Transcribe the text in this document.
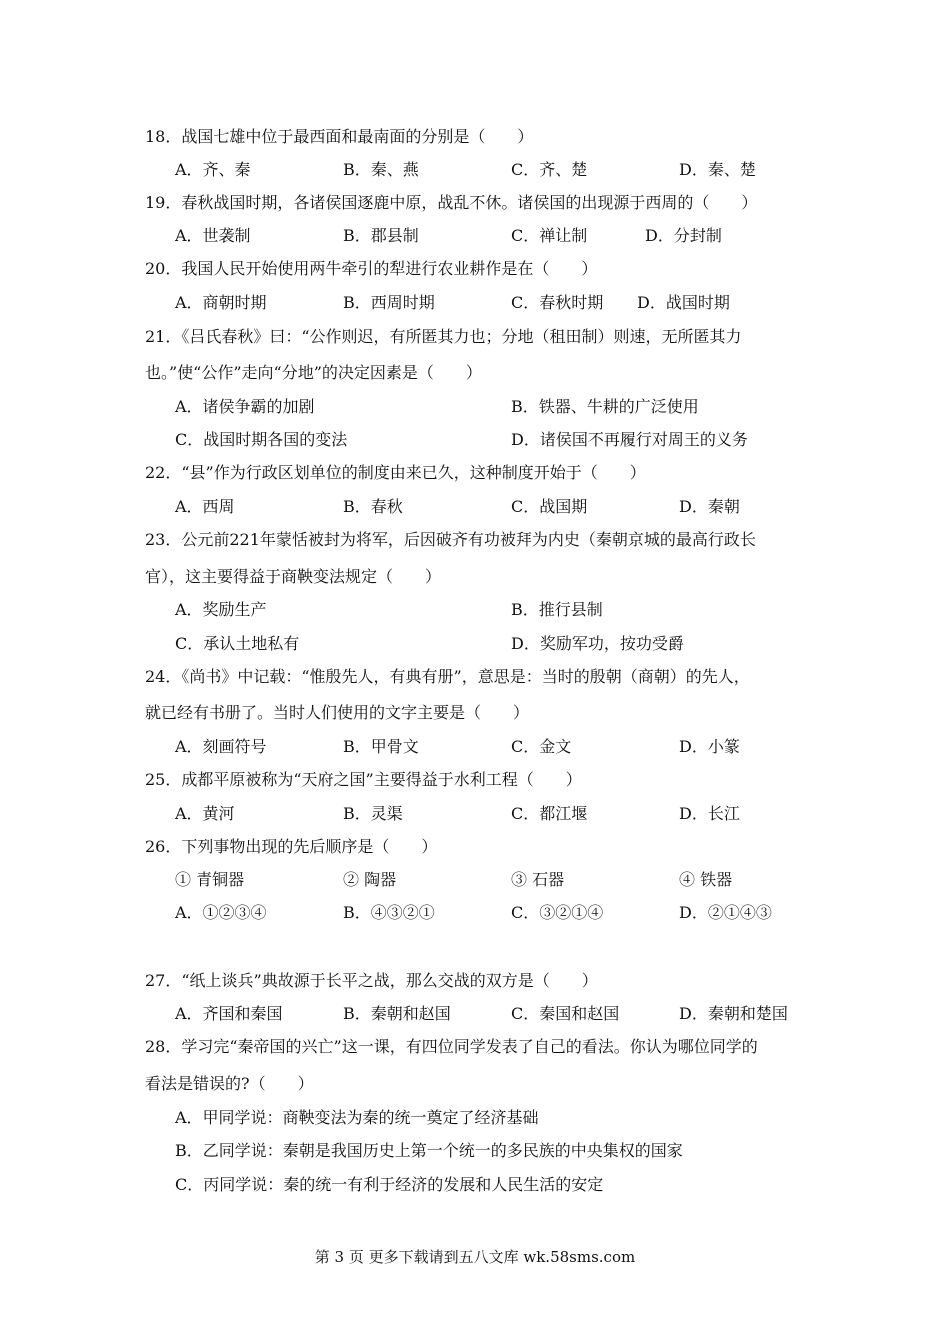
18．战国七雄中位于最西面和最南面的分别是（　　）
A．齐、秦	B．秦、燕	C．齐、楚	D．秦、楚
19．春秋战国时期，各诸侯国逐鹿中原，战乱不休。诸侯国的出现源于西周的（　　）
A．世袭制	B．郡县制	C．禅让制	D．分封制
20．我国人民开始使用两牛牵引的犁进行农业耕作是在（　　）
A．商朝时期	B．西周时期	C．春秋时期 D．战国时期
21．《吕氏春秋》曰：“公作则迟，有所匿其力也；分地（租田制）则速，无所匿其力
也。”使“公作”走向“分地”的决定因素是（　　）
A．诸侯争霸的加剧	B．铁器、牛耕的广泛使用
C．战国时期各国的变法	D．诸侯国不再履行对周王的义务
22．“县”作为行政区划单位的制度由来已久，这种制度开始于（　　）
A．西周	B．春秋	C．战国期	D．秦朝
23．公元前221年蒙恬被封为将军，后因破齐有功被拜为内史（秦朝京城的最高行政长
官），这主要得益于商鞅变法规定（　　）
A．奖励生产	B．推行县制
C．承认土地私有	D．奖励军功，按功受爵
24．《尚书》中记载：“惟殷先人，有典有册”，意思是：当时的殷朝（商朝）的先人，
就已经有书册了。当时人们使用的文字主要是（　　）
A．刻画符号	B．甲骨文	C．金文	D．小篆
25．成都平原被称为“天府之国”主要得益于水利工程（　　）
A．黄河	B．灵渠	C．都江堰	D．长江
26．下列事物出现的先后顺序是（　　）
① 青铜器	② 陶器	③ 石器	④ 铁器
A．①②③④	B．④③②①	C．③②①④	D．②①④③
27．“纸上谈兵”典故源于长平之战，那么交战的双方是（　　）
A．齐国和秦国	B．秦朝和赵国	C．秦国和赵国	D．秦朝和楚国
28．学习完“秦帝国的兴亡”这一课，有四位同学发表了自己的看法。你认为哪位同学的
看法是错误的?（　　）
A．甲同学说：商鞅变法为秦的统一奠定了经济基础
B．乙同学说：秦朝是我国历史上第一个统一的多民族的中央集权的国家
C．丙同学说：秦的统一有利于经济的发展和人民生活的安定
第 3 页 更多下载请到五八文库 wk.58sms.com
